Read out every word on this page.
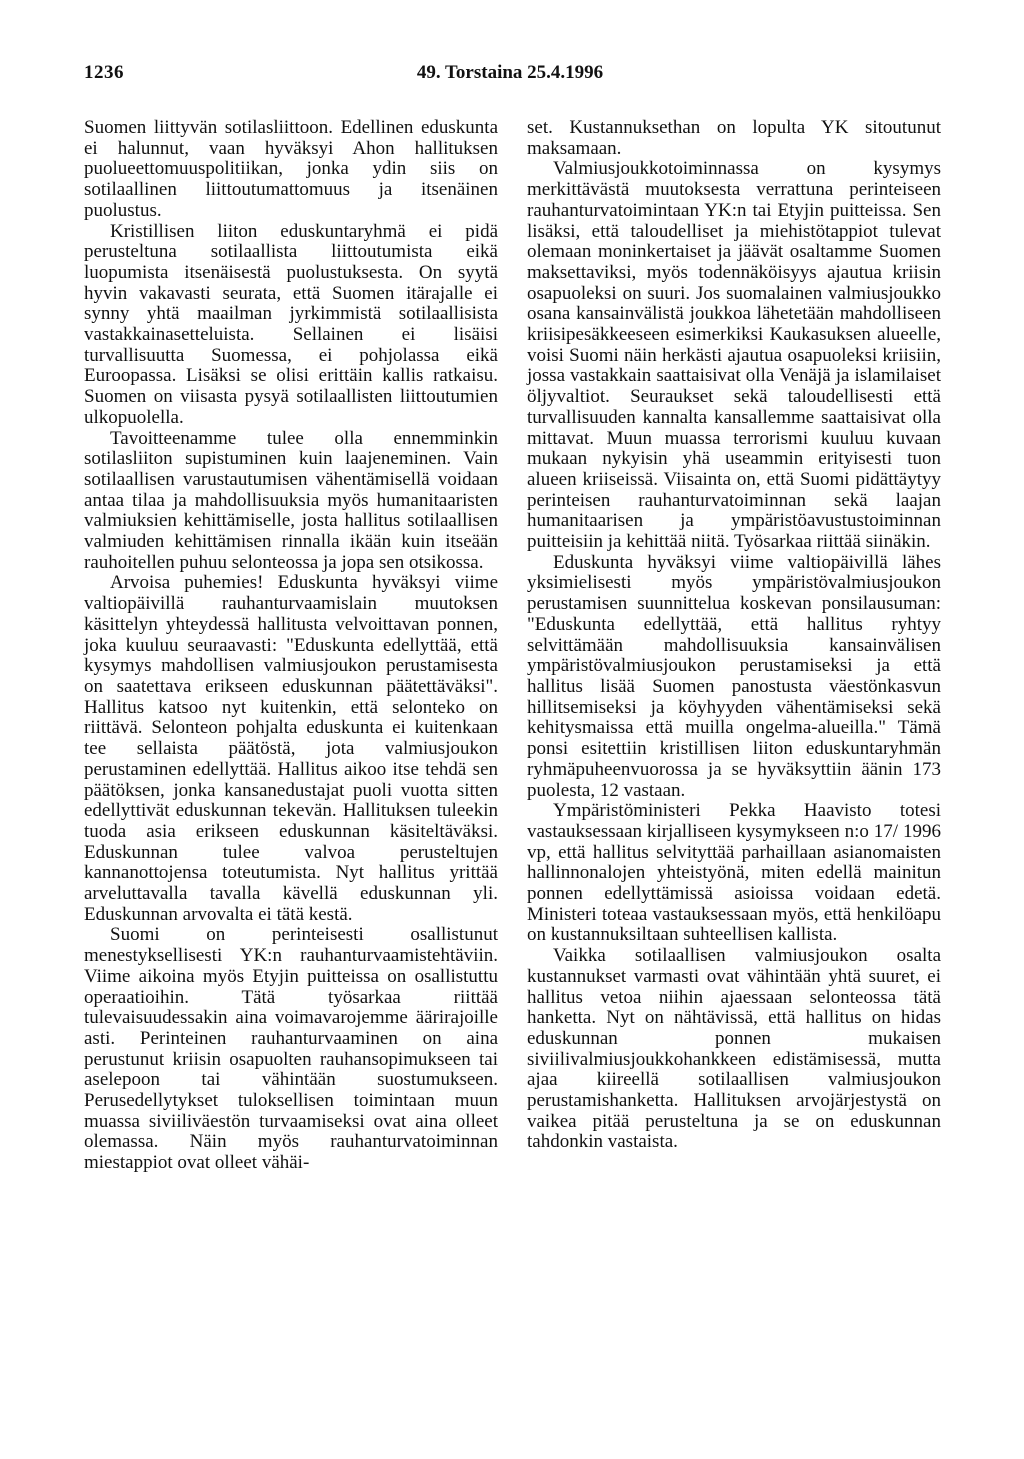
1236	49. Torstaina 25.4.1996

Suomen liittyvän sotilasliittoon. Edellinen eduskunta ei halunnut, vaan hyväksyi Ahon hallituksen puolueettomuuspolitiikan, jonka ydin siis on sotilaallinen liittoutumattomuus ja itsenäinen puolustus.

Kristillisen liiton eduskuntaryhmä ei pidä perusteltuna sotilaallista liittoutumista eikä luopumista itsenäisestä puolustuksesta. On syytä hyvin vakavasti seurata, että Suomen itärajalle ei synny yhtä maailman jyrkimmistä sotilaallisista vastakkainasetteluista. Sellainen ei lisäisi turvallisuutta Suomessa, ei pohjolassa eikä Euroopassa. Lisäksi se olisi erittäin kallis ratkaisu. Suomen on viisasta pysyä sotilaallisten liittoutumien ulkopuolella.

Tavoitteenamme tulee olla ennemminkin sotilasliiton supistuminen kuin laajeneminen. Vain sotilaallisen varustautumisen vähentämisellä voidaan antaa tilaa ja mahdollisuuksia myös humanitaaristen valmiuksien kehittämiselle, josta hallitus sotilaallisen valmiuden kehittämisen rinnalla ikään kuin itseään rauhoitellen puhuu selonteossa ja jopa sen otsikossa.

Arvoisa puhemies! Eduskunta hyväksyi viime valtiopäivillä rauhanturvaamislain muutoksen käsittelyn yhteydessä hallitusta velvoittavan ponnen, joka kuuluu seuraavasti: "Eduskunta edellyttää, että kysymys mahdollisen valmiusjoukon perustamisesta on saatettava erikseen eduskunnan päätettäväksi". Hallitus katsoo nyt kuitenkin, että selonteko on riittävä. Selonteon pohjalta eduskunta ei kuitenkaan tee sellaista päätöstä, jota valmiusjoukon perustaminen edellyttää. Hallitus aikoo itse tehdä sen päätöksen, jonka kansanedustajat puoli vuotta sitten edellyttivät eduskunnan tekevän. Hallituksen tuleekin tuoda asia erikseen eduskunnan käsiteltäväksi. Eduskunnan tulee valvoa perusteltujen kannanottojensa toteutumista. Nyt hallitus yrittää arveluttavalla tavalla kävellä eduskunnan yli. Eduskunnan arvovalta ei tätä kestä.

Suomi on perinteisesti osallistunut menestyksellisesti YK:n rauhanturvaamistehtäviin. Viime aikoina myös Etyjin puitteissa on osallistuttu operaatioihin. Tätä työsarkaa riittää tulevaisuudessakin aina voimavarojemme äärirajoille asti. Perinteinen rauhanturvaaminen on aina perustunut kriisin osapuolten rauhansopimukseen tai aselepoon tai vähintään suostumukseen. Perusedellytykset tuloksellisen toimintaan muun muassa siviiliväestön turvaamiseksi ovat aina olleet olemassa. Näin myös rauhanturvatoiminnan miestappiot ovat olleet vähäi-

set. Kustannuksethan on lopulta YK sitoutunut maksamaan.

Valmiusjoukkotoiminnassa on kysymys merkittävästä muutoksesta verrattuna perinteiseen rauhanturvatoimintaan YK:n tai Etyjin puitteissa. Sen lisäksi, että taloudelliset ja miehistötappiot tulevat olemaan moninkertaiset ja jäävät osaltamme Suomen maksettaviksi, myös todennäköisyys ajautua kriisin osapuoleksi on suuri. Jos suomalainen valmiusjoukko osana kansainvälistä joukkoa lähetetään mahdolliseen kriisipesäkkeeseen esimerkiksi Kaukasuksen alueelle, voisi Suomi näin herkästi ajautua osapuoleksi kriisiin, jossa vastakkain saattaisivat olla Venäjä ja islamilaiset öljyvaltiot. Seuraukset sekä taloudellisesti että turvallisuuden kannalta kansallemme saattaisivat olla mittavat. Muun muassa terrorismi kuuluu kuvaan mukaan nykyisin yhä useammin erityisesti tuon alueen kriiseissä. Viisainta on, että Suomi pidättäytyy perinteisen rauhanturvatoiminnan sekä laajan humanitaarisen ja ympäristöavustustoiminnan puitteisiin ja kehittää niitä. Työsarkaa riittää siinäkin.

Eduskunta hyväksyi viime valtiopäivillä lähes yksimielisesti myös ympäristövalmiusjoukon perustamisen suunnittelua koskevan ponsilausuman: "Eduskunta edellyttää, että hallitus ryhtyy selvittämään mahdollisuuksia kansainvälisen ympäristövalmiusjoukon perustamiseksi ja että hallitus lisää Suomen panostusta väestönkasvun hillitsemiseksi ja köyhyyden vähentämiseksi sekä kehitysmaissa että muilla ongelma-alueilla." Tämä ponsi esitettiin kristillisen liiton eduskuntaryhmän ryhmäpuheenvuorossa ja se hyväksyttiin äänin 173 puolesta, 12 vastaan.

Ympäristöministeri Pekka Haavisto totesi vastauksessaan kirjalliseen kysymykseen n:o 17/ 1996 vp, että hallitus selvityttää parhaillaan asianomaisten hallinnonalojen yhteistyönä, miten edellä mainitun ponnen edellyttämissä asioissa voidaan edetä. Ministeri toteaa vastauksessaan myös, että henkilöapu on kustannuksiltaan suhteellisen kallista.

Vaikka sotilaallisen valmiusjoukon osalta kustannukset varmasti ovat vähintään yhtä suuret, ei hallitus vetoa niihin ajaessaan selonteossa tätä hanketta. Nyt on nähtävissä, että hallitus on hidas eduskunnan ponnen mukaisen siviilivalmiusjoukkohankkeen edistämisessä, mutta ajaa kiireellä sotilaallisen valmiusjoukon perustamishanketta. Hallituksen arvojärjestystä on vaikea pitää perusteltuna ja se on eduskunnan tahdonkin vastaista.
